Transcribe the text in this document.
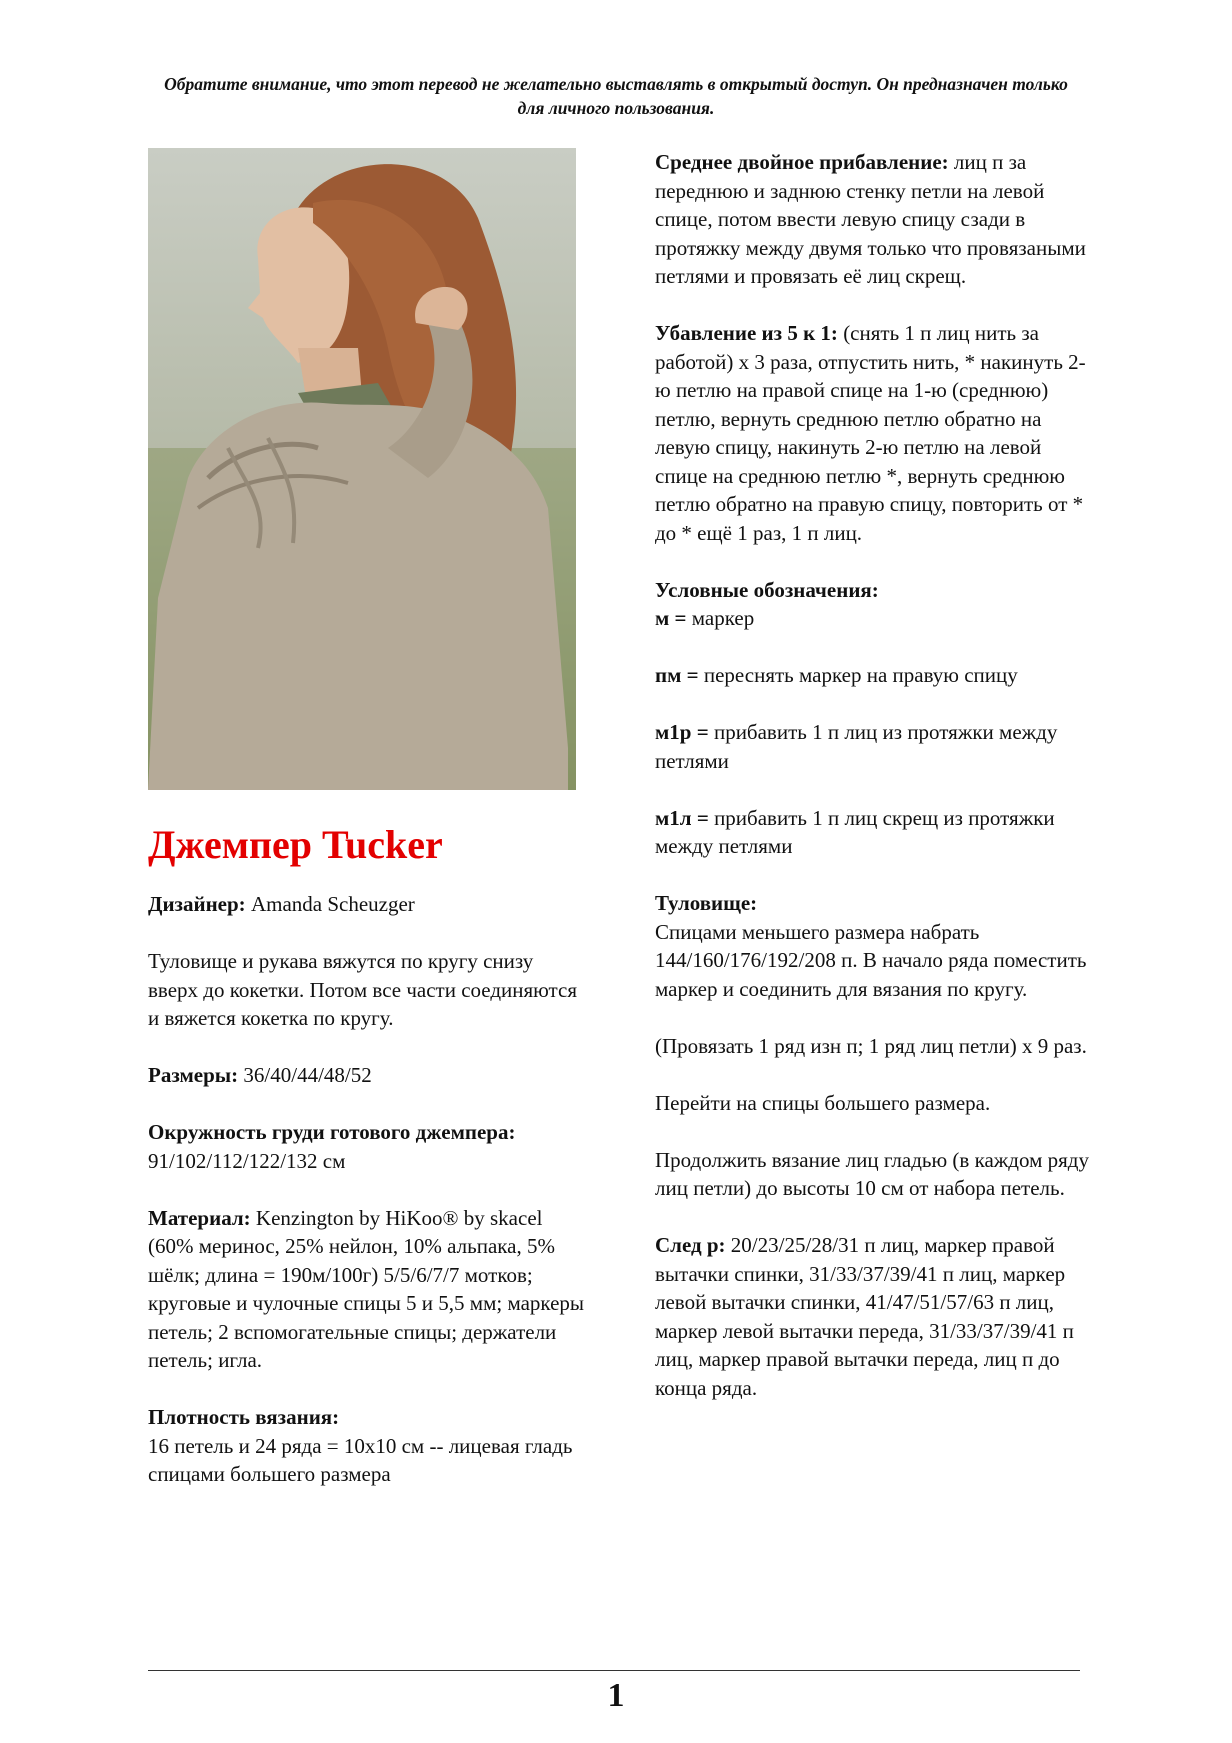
Обратите внимание, что этот перевод не желательно выставлять в открытый доступ. Он предназначен только для личного пользования.
Джемпер Tucker

Дизайнер: Amanda Scheuzger

Туловище и рукава вяжутся по кругу снизу вверх до кокетки. Потом все части соединяются и вяжется кокетка по кругу.

Размеры: 36/40/44/48/52

Окружность груди готового джемпера: 91/102/112/122/132 см

Материал: Kenzington by HiKoo® by skacel (60% меринос, 25% нейлон, 10% альпака, 5% шёлк; длина = 190м/100г) 5/5/6/7/7 мотков; круговые и чулочные спицы 5 и 5,5 мм; маркеры петель; 2 вспомогательные спицы; держатели петель; игла.

Плотность вязания:
16 петель и 24 ряда = 10х10 см -- лицевая гладь спицами большего размера

Среднее двойное прибавление: лиц п за переднюю и заднюю стенку петли на левой спице, потом ввести левую спицу сзади в протяжку между двумя только что провязаными петлями и провязать её лиц скрещ.

Убавление из 5 к 1: (снять 1 п лиц нить за работой) х 3 раза, отпустить нить, * накинуть 2-ю петлю на правой спице на 1-ю (среднюю) петлю, вернуть среднюю петлю обратно на левую спицу, накинуть 2-ю петлю на левой спице на среднюю петлю *, вернуть среднюю петлю обратно на правую спицу, повторить от * до * ещё 1 раз, 1 п лиц.

Условные обозначения:
м = маркер

пм = переснять маркер на правую спицу

м1р = прибавить 1 п лиц из протяжки между петлями

м1л = прибавить 1 п лиц скрещ из протяжки между петлями

Туловище:
Спицами меньшего размера набрать 144/160/176/192/208 п. В начало ряда поместить маркер и соединить для вязания по кругу.

(Провязать 1 ряд изн п; 1 ряд лиц петли) х 9 раз.

Перейти на спицы большего размера.

Продолжить вязание лиц гладью (в каждом ряду лиц петли) до высоты 10 см от набора петель.

След р: 20/23/25/28/31 п лиц, маркер правой вытачки спинки, 31/33/37/39/41 п лиц, маркер левой вытачки спинки, 41/47/51/57/63 п лиц, маркер левой вытачки переда, 31/33/37/39/41 п лиц, маркер правой вытачки переда, лиц п до конца ряда.

1
